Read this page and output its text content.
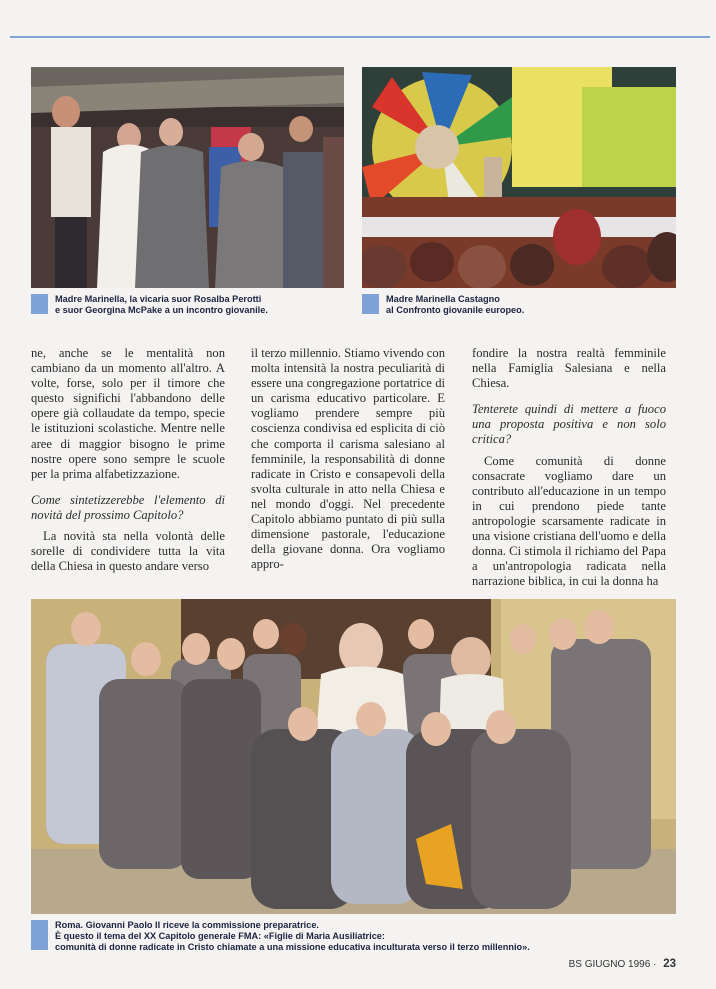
Madre Marinella, la vicaria suor Rosalba Perotti
e suor Georgina McPake a un incontro giovanile.
Madre Marinella Castagno
al Confronto giovanile europeo.

ne, anche se le mentalità non cambiano da un momento all'altro. A volte, forse, solo per il timore che questo significhi l'abbandono delle opere già collaudate da tempo, specie le istituzioni scolastiche. Mentre nelle aree di maggior bisogno le prime nostre opere sono sempre le scuole per la prima alfabetizzazione.

Come sintetizzerebbe l'elemento di novità del prossimo Capitolo?

La novità sta nella volontà delle sorelle di condividere tutta la vita della Chiesa in questo andare verso

il terzo millennio. Stiamo vivendo con molta intensità la nostra peculiarità di essere una congregazione portatrice di un carisma educativo particolare. E vogliamo prendere sempre più coscienza condivisa ed esplicita di ciò che comporta il carisma salesiano al femminile, la responsabilità di donne radicate in Cristo e consapevoli della svolta culturale in atto nella Chiesa e nel mondo d'oggi. Nel precedente Capitolo abbiamo puntato di più sulla dimensione pastorale, l'educazione della giovane donna. Ora vogliamo appro-

fondire la nostra realtà femminile nella Famiglia Salesiana e nella Chiesa.

Tenterete quindi di mettere a fuoco una proposta positiva e non solo critica?

Come comunità di donne consacrate vogliamo dare un contributo all'educazione in un tempo in cui prendono piede tante antropologie scarsamente radicate in una visione cristiana dell'uomo e della donna. Ci stimola il richiamo del Papa a un'antropologia radicata nella narrazione biblica, in cui la donna ha

Roma. Giovanni Paolo II riceve la commissione preparatrice.
È questo il tema del XX Capitolo generale FMA: «Figlie di Maria Ausiliatrice:
comunità di donne radicate in Cristo chiamate a una missione educativa inculturata verso il terzo millennio».
BS GIUGNO 1996 · 23
